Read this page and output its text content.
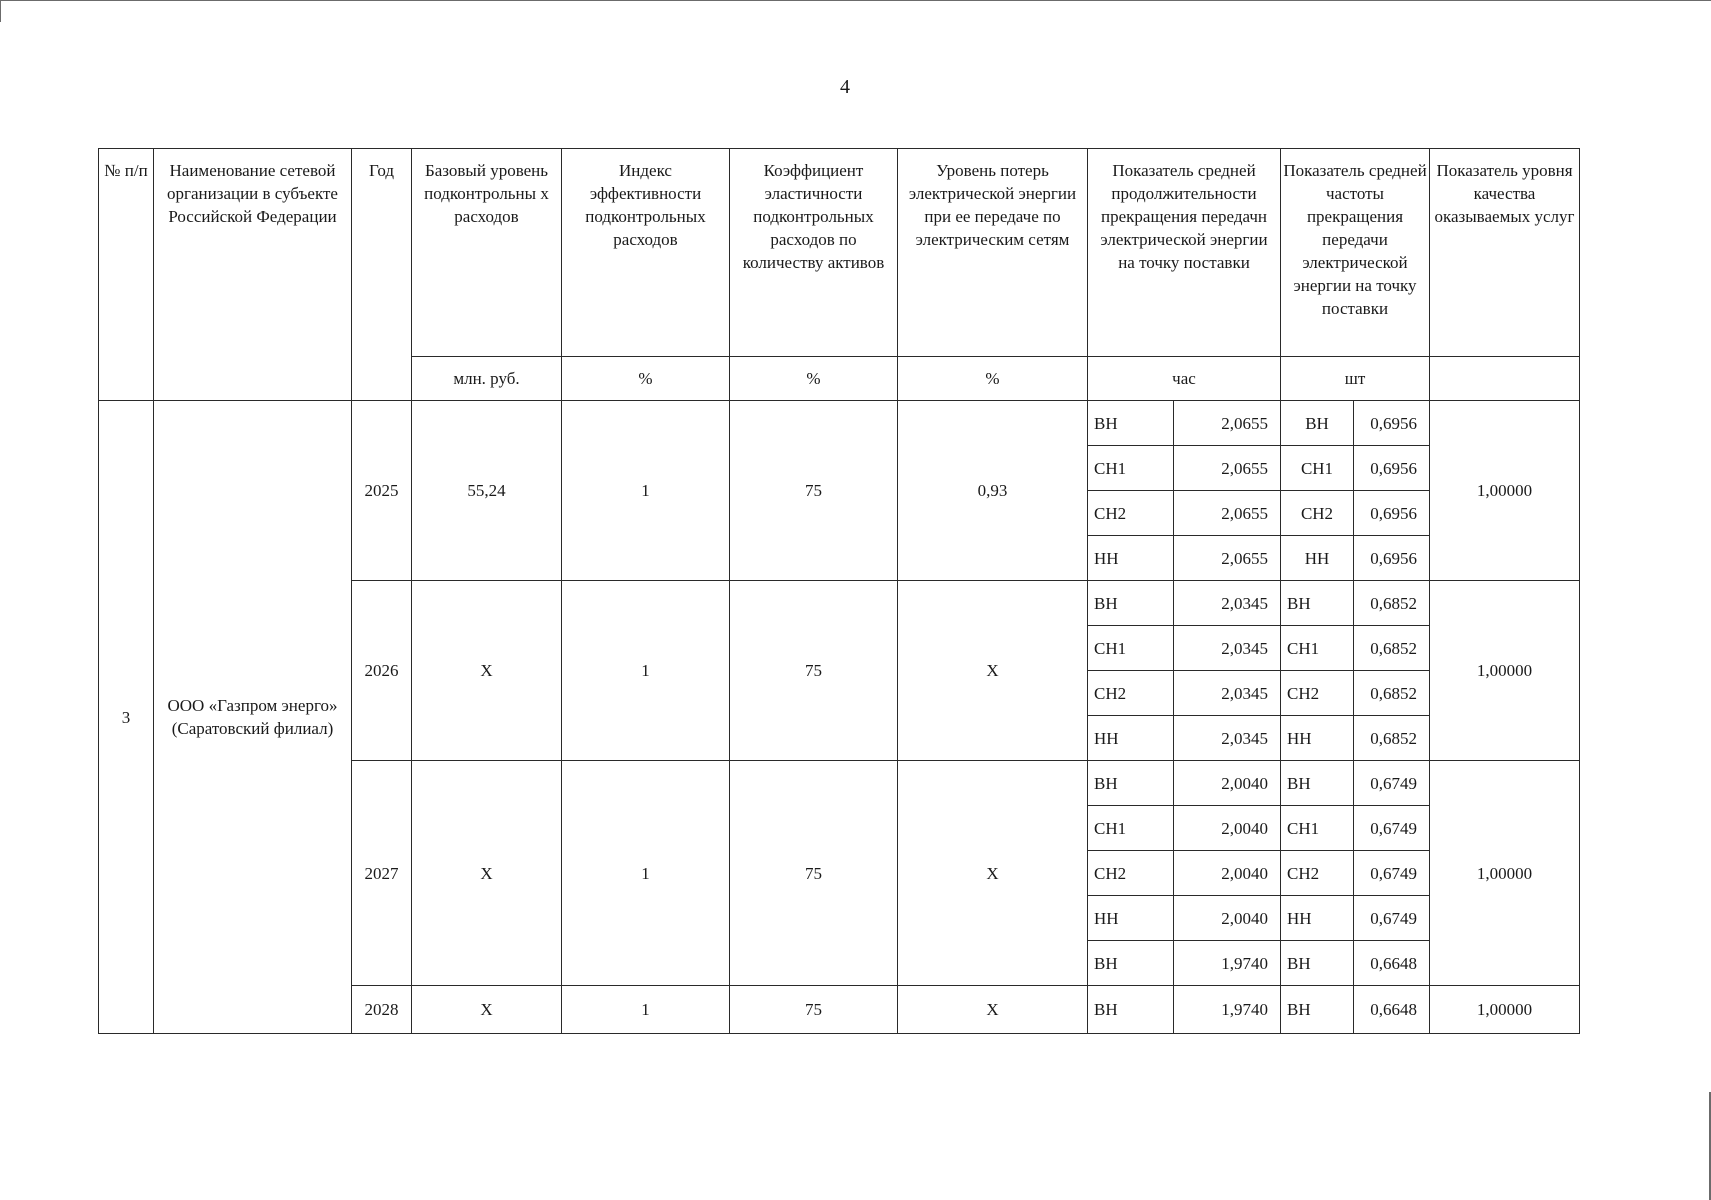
4
№ п/п	Наименование сетевой организации в субъекте Российской Федерации	Год	Базовый уровень подконтрольны х расходов	Индекс эффективности подконтрольных расходов	Коэффициент эластичности подконтрольных расходов по количеству активов	Уровень потерь электрической энергии при ее передаче по электрическим сетям	Показатель средней продолжительности прекращения передачн электрической энергии на точку поставки		Показатель средней частоты прекращения передачи электрической энергии на точку поставки		Показатель уровня качества оказываемых услуг
			млн. руб.	%	%	%	час		шт		
3	ООО «Газпром энерго» (Саратовский филиал)	2025	55,24	1	75	0,93	ВН	2,0655	ВН	0,6956	1,00000
							СН1	2,0655	СН1	0,6956	
							СН2	2,0655	СН2	0,6956	
							НН	2,0655	НН	0,6956	
		2026	X	1	75	X	ВН	2,0345	ВН	0,6852	1,00000
							СН1	2,0345	СН1	0,6852	
							СН2	2,0345	СН2	0,6852	
							НН	2,0345	НН	0,6852	
		2027	X	1	75	X	ВН	2,0040	ВН	0,6749	1,00000
							СН1	2,0040	СН1	0,6749	
							СН2	2,0040	СН2	0,6749	
							НН	2,0040	НН	0,6749	
							ВН	1,9740	ВН	0,6648	
		2028	X	1	75	X	ВН	1,9740	ВН	0,6648	1,00000
